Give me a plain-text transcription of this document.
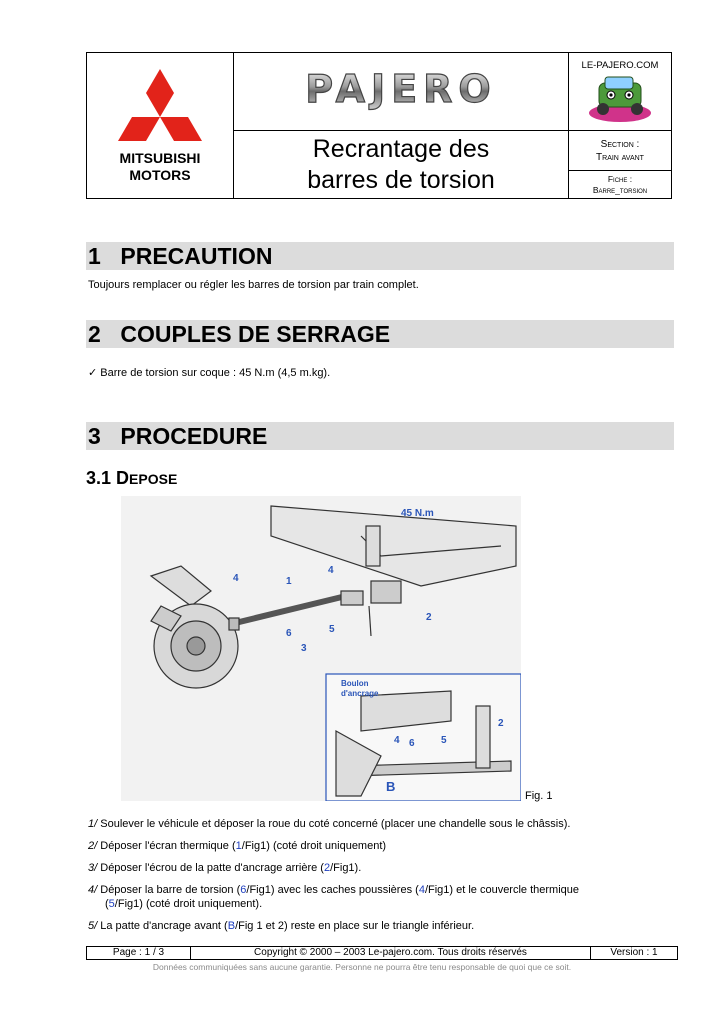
MITSUBISHI
MOTORS
PAJERO
Recrantage des
barres de torsion
LE-PAJERO.COM
Section :
Train avant
Fiche :
Barre_torsion
1 PRECAUTION
Toujours remplacer ou régler les barres de torsion par train complet.
2 COUPLES DE SERRAGE
✓ Barre de torsion sur coque : 45 N.m (4,5 m.kg).
3 PROCEDURE
3.1 DEPOSE
45 N.m
1
2
3
4
4
5
6
Boulon
d'ancrage
2
4	5
6
B
Fig. 1
1/ Soulever le véhicule et déposer la roue du coté concerné (placer une chandelle sous le châssis).
2/ Déposer l'écran thermique (1/Fig1) (coté droit uniquement)
3/ Déposer l'écrou de la patte d'ancrage arrière (2/Fig1).
4/ Déposer la barre de torsion (6/Fig1) avec les caches poussières (4/Fig1) et le couvercle thermique
(5/Fig1) (coté droit uniquement).
5/ La patte d'ancrage avant (B/Fig 1 et 2) reste en place sur le triangle inférieur.
Page : 1 / 3	Copyright © 2000 – 2003 Le-pajero.com. Tous droits réservés	Version : 1
Données communiquées sans aucune garantie. Personne ne pourra être tenu responsable de quoi que ce soit.
